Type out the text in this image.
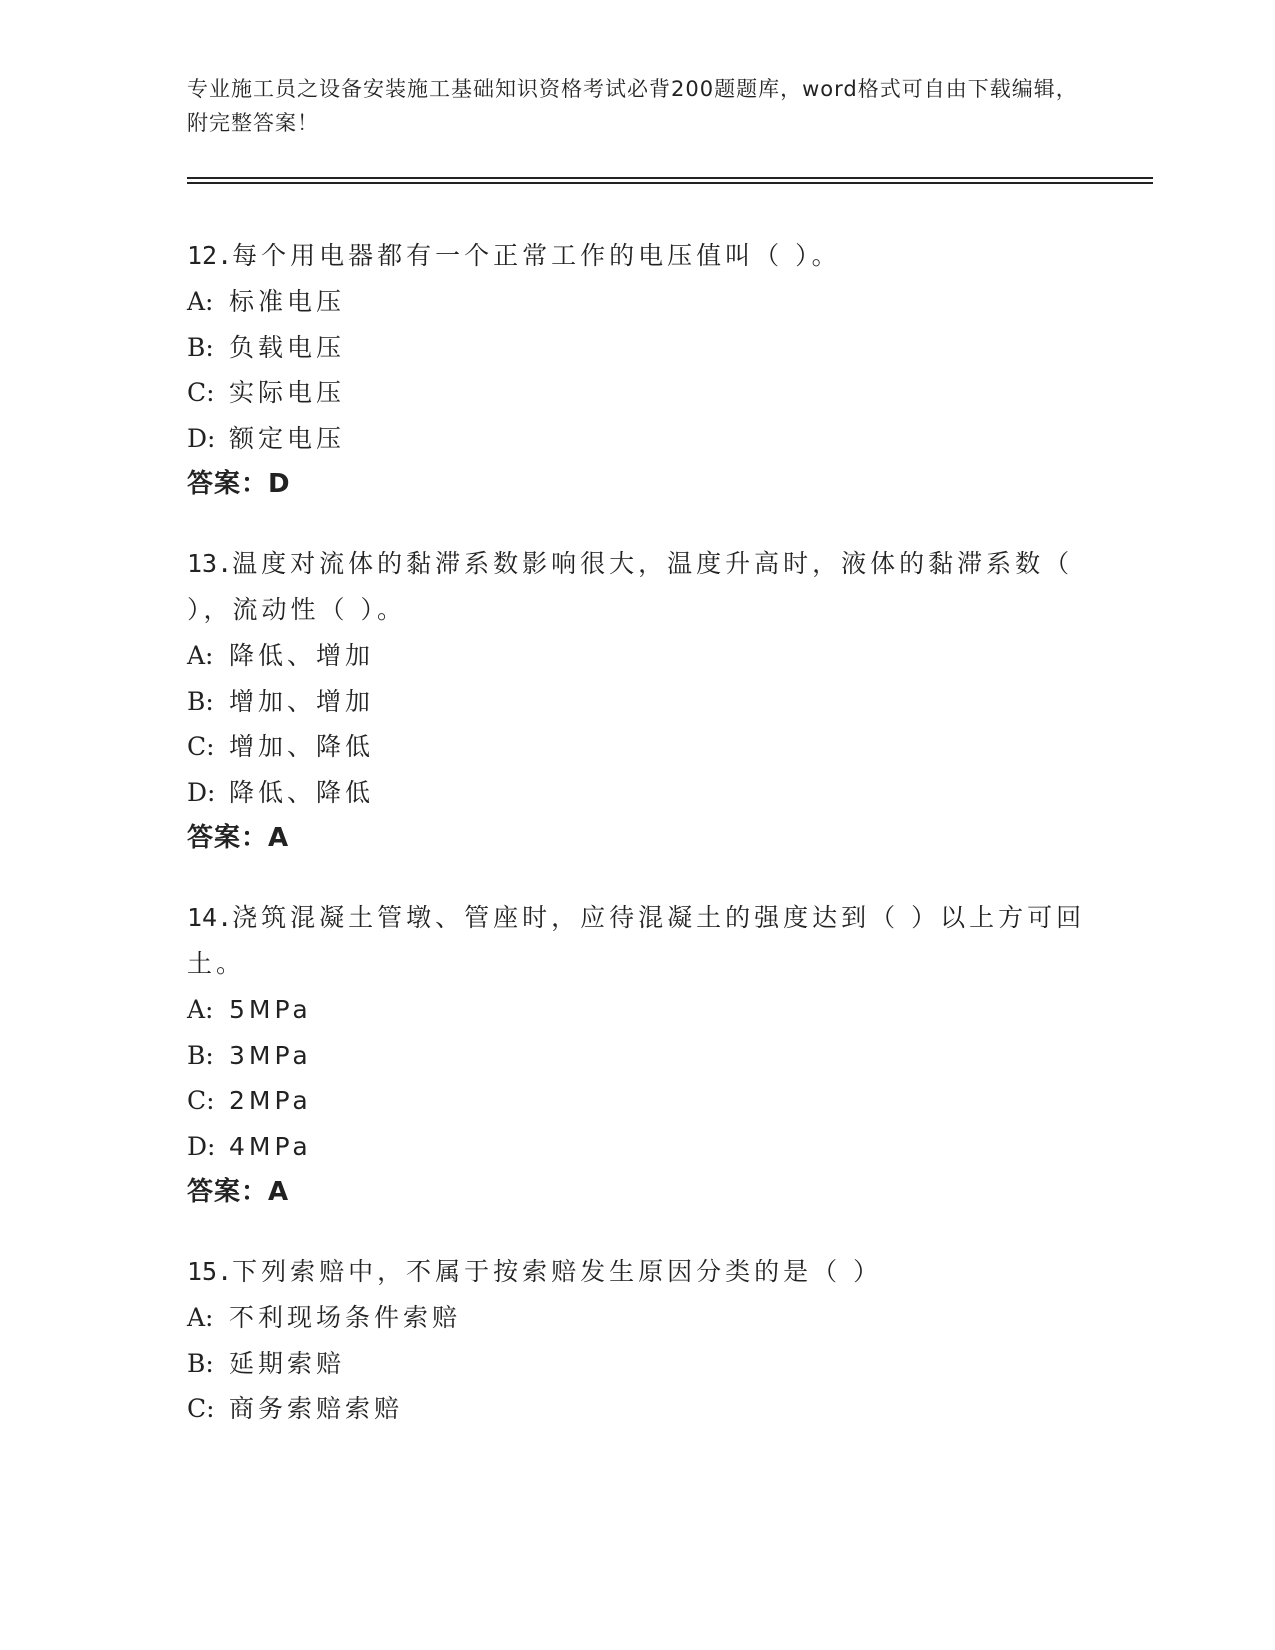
专业施工员之设备安装施工基础知识资格考试必背200题题库，word格式可自由下载编辑，附完整答案！
12.每个用电器都有一个正常工作的电压值叫（ ）。
A: 标准电压
B: 负载电压
C: 实际电压
D: 额定电压
答案：D
13.温度对流体的黏滞系数影响很大，温度升高时，液体的黏滞系数（ ），流动性（ ）。
A: 降低、增加
B: 增加、增加
C: 增加、降低
D: 降低、降低
答案：A
14.浇筑混凝土管墩、管座时，应待混凝土的强度达到（ ）以上方可回土。
A: 5MPa
B: 3MPa
C: 2MPa
D: 4MPa
答案：A
15.下列索赔中，不属于按索赔发生原因分类的是（ ）
A: 不利现场条件索赔
B: 延期索赔
C: 商务索赔索赔
